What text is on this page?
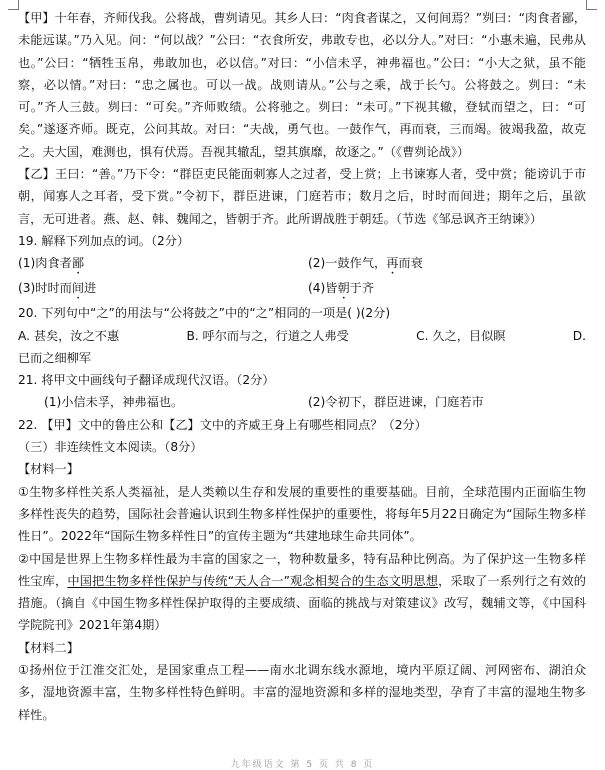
【甲】十年春，齐师伐我。公将战，曹刿请见。其乡人曰：“肉食者谋之，又何间焉？”刿曰：“肉食者鄙，未能远谋。”乃入见。问：“何以战？”公曰：“衣食所安，弗敢专也，必以分人。”对曰：“小惠未遍，民弗从也。”公曰：“牺牲玉帛，弗敢加也，必以信。”对曰：“小信未孚，神弗福也。”公曰：“小大之狱，虽不能察，必以情。”对曰：“忠之属也。可以一战。战则请从。”公与之乘，战于长勺。公将鼓之。刿曰：“未可。”齐人三鼓。刿曰：“可矣。”齐师败绩。公将驰之。刿曰：“未可。”下视其辙，登轼而望之，曰：“可矣。”遂逐齐师。既克，公问其故。对曰：“夫战，勇气也。一鼓作气，再而衰，三而竭。彼竭我盈，故克之。夫大国，难测也，惧有伏焉。吾视其辙乱，望其旗靡，故逐之。”（《曹刿论战》）

【乙】王曰：“善。”乃下令：“群臣吏民能面刺寡人之过者，受上赏；上书谏寡人者，受中赏；能谤讥于市朝，闻寡人之耳者，受下赏。”令初下，群臣进谏，门庭若市；数月之后，时时而间进；期年之后，虽欲言，无可进者。燕、赵、韩、魏闻之，皆朝于齐。此所谓战胜于朝廷。（节选《邹忌讽齐王纳谏》）

19. 解释下列加点的词。（2分）

(1)肉食者鄙	(2)一鼓作气，再而衰
(3)时时而间进	(4)皆朝于齐

20. 下列句中“之”的用法与“公将鼓之”中的“之”相同的一项是( )(2分)

A. 甚矣，汝之不惠	B. 呼尔而与之，行道之人弗受	C. 久之，目似瞑	D.

已而之细柳军

21. 将甲文中画线句子翻译成现代汉语。（2分）

(1)小信未孚，神弗福也。	(2)令初下，群臣进谏，门庭若市

22. 【甲】文中的鲁庄公和【乙】文中的齐威王身上有哪些相同点？（2分）

（三）非连续性文本阅读。（8分）

【材料一】

①生物多样性关系人类福祉，是人类赖以生存和发展的重要性的重要基础。目前，全球范围内正面临生物多样性丧失的趋势，国际社会普遍认识到生物多样性保护的重要性，将每年5月22日确定为“国际生物多样性日”。2022年“国际生物多样性日”的宣传主题为“共建地球生命共同体”。

②中国是世界上生物多样性最为丰富的国家之一，物种数量多，特有品种比例高。为了保护这一生物多样性宝库，中国把生物多样性保护与传统“天人合一”观念相契合的生态文明思想，采取了一系列行之有效的措施。（摘自《中国生物多样性保护取得的主要成绩、面临的挑战与对策建议》改写，魏辅文等，《中国科学院院刊》2021年第4期）

【材料二】

①扬州位于江淮交汇处，是国家重点工程——南水北调东线水源地，境内平原辽阔、河网密布、湖泊众多，湿地资源丰富，生物多样性特色鲜明。丰富的湿地资源和多样的湿地类型，孕育了丰富的湿地生物多样性。

九年级语文 第 5 页 共 8 页
